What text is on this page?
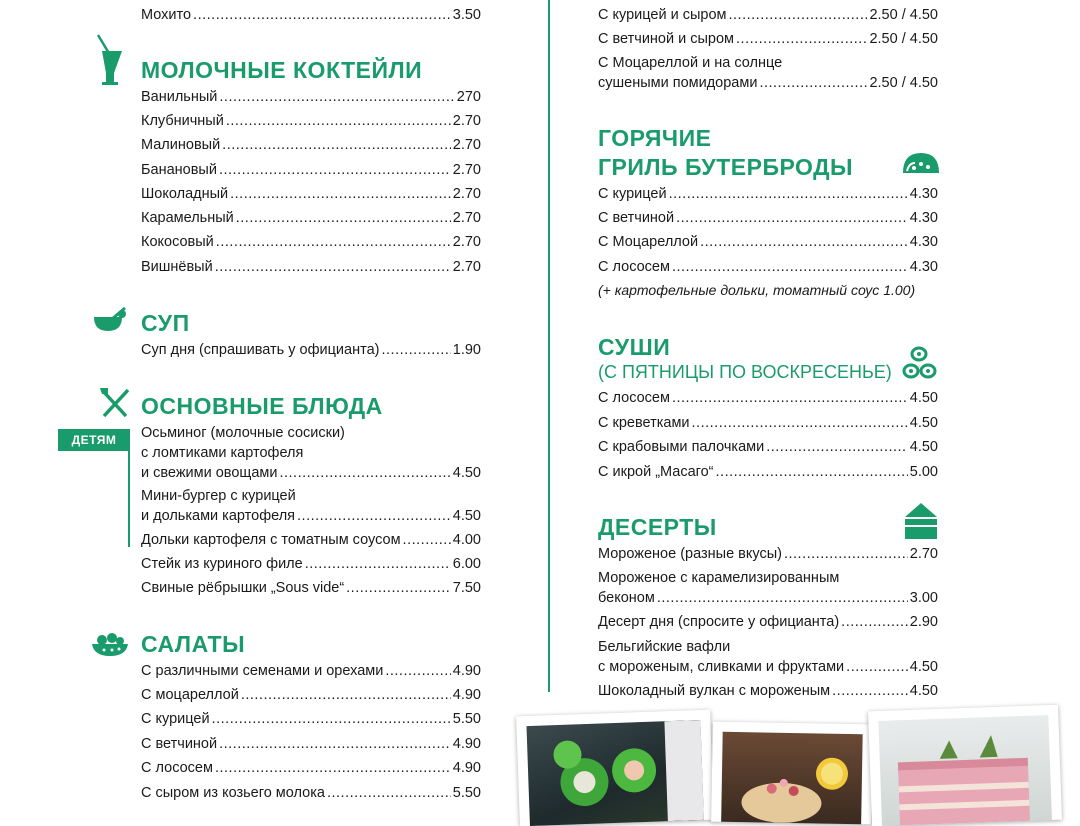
Мохито .....	3.50
МОЛОЧНЫЕ КОКТЕЙЛИ
Ванильный .....	270
Клубничный .....	2.70
Малиновый .....	2.70
Банановый .....	2.70
Шоколадный .....	2.70
Карамельный .....	2.70
Кокосовый .....	2.70
Вишнёвый .....	2.70
СУП
Суп дня (спрашивать у официанта) .....	1.90
ОСНОВНЫЕ БЛЮДА
Осьминог (молочные сосиски)
с ломтиками картофеля
и свежими овощами .....	4.50
Мини-бургер с курицей
и дольками картофеля .....	4.50
Дольки картофеля с томатным соусом .....	4.00
Стейк из куриного филе .....	6.00
Свиные рёбрышки „Sous vide“ .....	7.50
САЛАТЫ
С различными семенами и орехами .....	4.90
С моцареллой .....	4.90
С курицей .....	5.50
С ветчиной .....	4.90
С лососем .....	4.90
С сыром из козьего молока .....	5.50
ДЕТЯМ
С курицей и сыром .....	2.50 / 4.50
С ветчиной и сыром .....	2.50 / 4.50
С Моцареллой и на солнце
сушеными помидорами .....	2.50 / 4.50
ГОРЯЧИЕ
ГРИЛЬ БУТЕРБРОДЫ
С курицей .....	4.30
С ветчиной .....	4.30
С Моцареллой .....	4.30
С лососем .....	4.30
(+ картофельные дольки, томатный соус 1.00)
СУШИ
(С ПЯТНИЦЫ ПО ВОСКРЕСЕНЬЕ)
С лососем .....	4.50
С креветками .....	4.50
С крабовыми палочками .....	4.50
С икрой „Масаго“ .....	5.00
ДЕСЕРТЫ
Мороженое (разные вкусы) .....	2.70
Мороженое с карамелизированным
беконом .....	3.00
Десерт дня (спросите у официанта) .....	2.90
Бельгийские вафли
с мороженым, сливками и фруктами .....	4.50
Шоколадный вулкан с мороженым .....	4.50
